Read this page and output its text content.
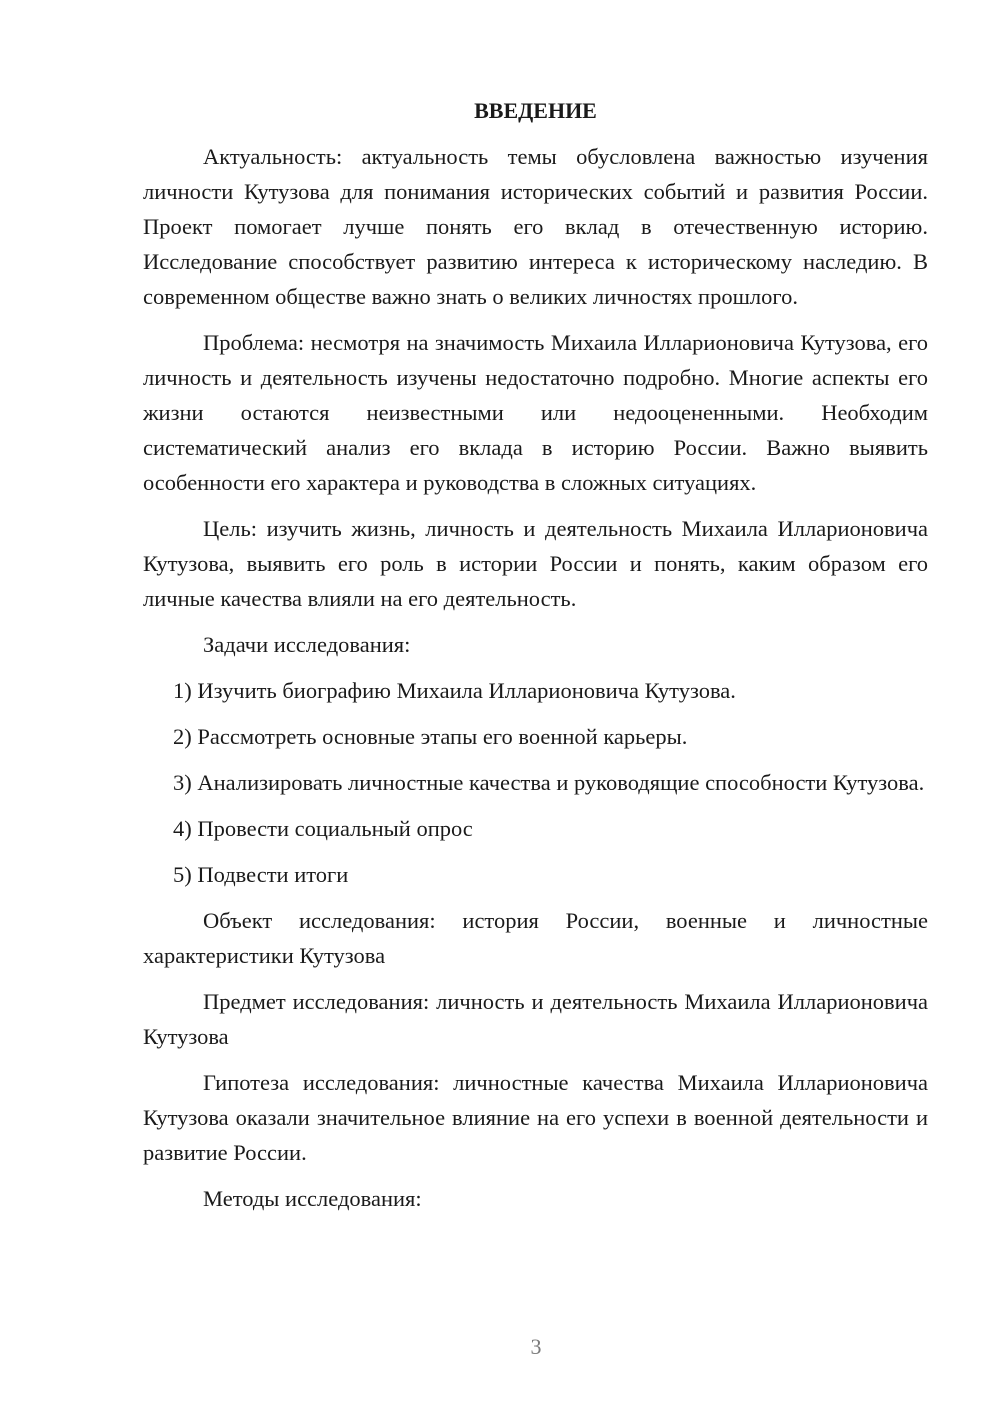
ВВЕДЕНИЕ

Актуальность: актуальность темы обусловлена важностью изучения личности Кутузова для понимания исторических событий и развития России. Проект помогает лучше понять его вклад в отечественную историю. Исследование способствует развитию интереса к историческому наследию. В современном обществе важно знать о великих личностях прошлого.

Проблема: несмотря на значимость Михаила Илларионовича Кутузова, его личность и деятельность изучены недостаточно подробно. Многие аспекты его жизни остаются неизвестными или недооцененными. Необходим систематический анализ его вклада в историю России. Важно выявить особенности его характера и руководства в сложных ситуациях.

Цель: изучить жизнь, личность и деятельность Михаила Илларионовича Кутузова, выявить его роль в истории России и понять, каким образом его личные качества влияли на его деятельность.

Задачи исследования:

1) Изучить биографию Михаила Илларионовича Кутузова.

2) Рассмотреть основные этапы его военной карьеры.

3) Анализировать личностные качества и руководящие способности Кутузова.

4) Провести социальный опрос

5) Подвести итоги

Объект исследования: история России, военные и личностные характеристики Кутузова

Предмет исследования: личность и деятельность Михаила Илларионовича Кутузова

Гипотеза исследования: личностные качества Михаила Илларионовича Кутузова оказали значительное влияние на его успехи в военной деятельности и развитие России.

Методы исследования:

3
